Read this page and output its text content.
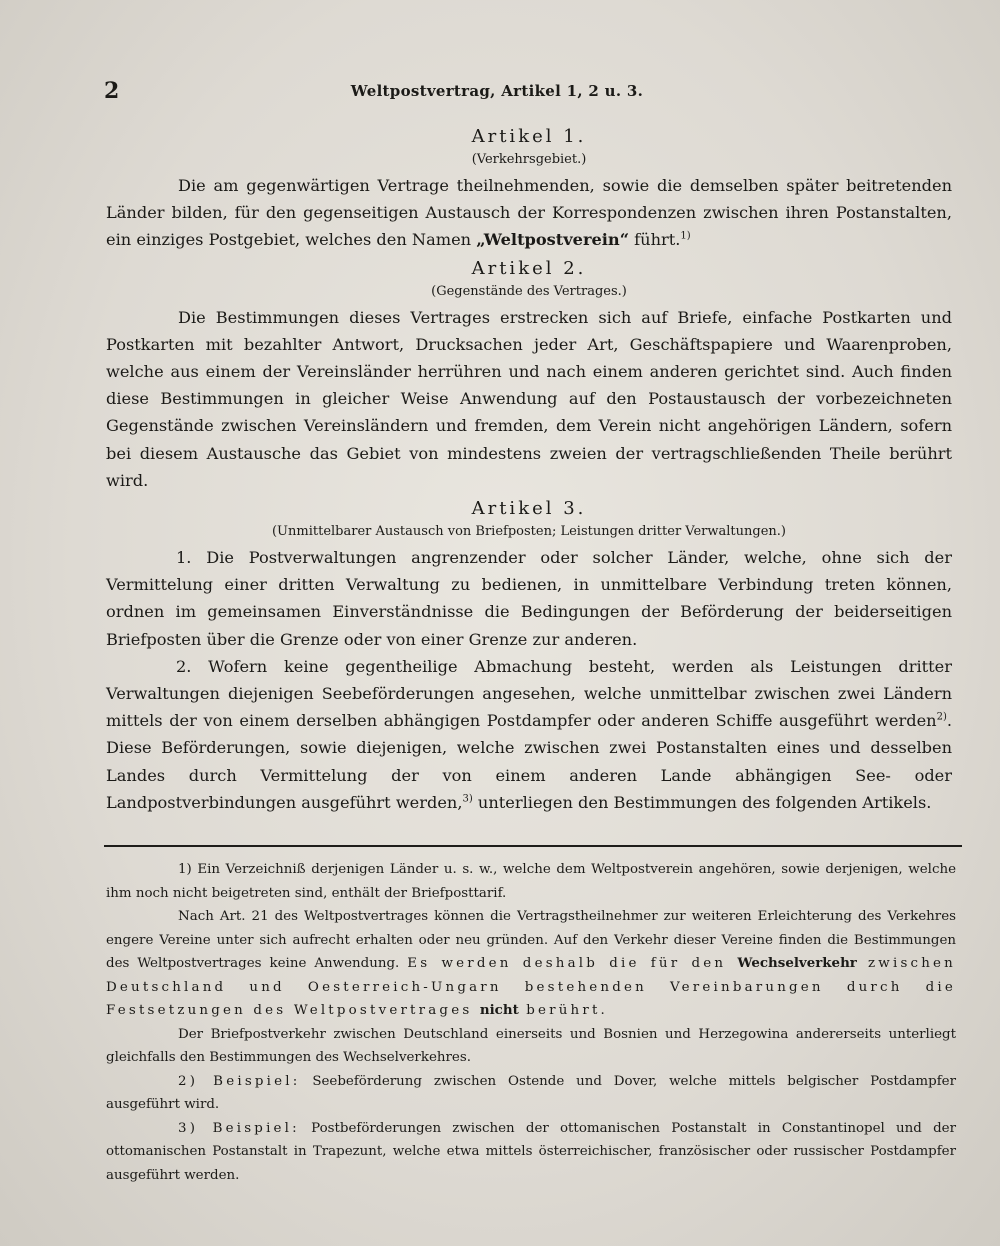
2	Weltpostvertrag, Artikel 1, 2 u. 3.

Artikel 1.

(Verkehrsgebiet.)

Die am gegenwärtigen Vertrage theilnehmenden, sowie die demselben später beitretenden Länder bilden, für den gegenseitigen Austausch der Korrespondenzen zwischen ihren Postanstalten, ein einziges Postgebiet, welches den Namen „Weltpostverein“ führt.$^{1)}$

Artikel 2.

(Gegenstände des Vertrages.)

Die Bestimmungen dieses Vertrages erstrecken sich auf Briefe, einfache Postkarten und Postkarten mit bezahlter Antwort, Drucksachen jeder Art, Geschäftspapiere und Waarenproben, welche aus einem der Vereinsländer herrühren und nach einem anderen gerichtet sind. Auch finden diese Bestimmungen in gleicher Weise Anwendung auf den Postaustausch der vorbezeichneten Gegenstände zwischen Vereinsländern und fremden, dem Verein nicht angehörigen Ländern, sofern bei diesem Austausche das Gebiet von mindestens zweien der vertragschließenden Theile berührt wird.

Artikel 3.

(Unmittelbarer Austausch von Briefposten; Leistungen dritter Verwaltungen.)

1. Die Postverwaltungen angrenzender oder solcher Länder, welche, ohne sich der Vermittelung einer dritten Verwaltung zu bedienen, in unmittelbare Verbindung treten können, ordnen im gemeinsamen Einverständnisse die Bedingungen der Beförderung der beiderseitigen Briefposten über die Grenze oder von einer Grenze zur anderen.

2. Wofern keine gegentheilige Abmachung besteht, werden als Leistungen dritter Verwaltungen diejenigen Seebeförderungen angesehen, welche unmittelbar zwischen zwei Ländern mittels der von einem derselben abhängigen Postdampfer oder anderen Schiffe ausgeführt werden$^{2)}$. Diese Beförderungen, sowie diejenigen, welche zwischen zwei Postanstalten eines und desselben Landes durch Vermittelung der von einem anderen Lande abhängigen See- oder Landpostverbindungen ausgeführt werden,$^{3)}$ unterliegen den Bestimmungen des folgenden Artikels.

1) Ein Verzeichniß derjenigen Länder u. s. w., welche dem Weltpostverein angehören, sowie derjenigen, welche ihm noch nicht beigetreten sind, enthält der Briefposttarif.

Nach Art. 21 des Weltpostvertrages können die Vertragstheilnehmer zur weiteren Erleichterung des Verkehres engere Vereine unter sich aufrecht erhalten oder neu gründen. Auf den Verkehr dieser Vereine finden die Bestimmungen des Weltpostvertrages keine Anwendung. Es werden deshalb die für den Wechselverkehr zwischen Deutschland und Oesterreich-Ungarn bestehenden Vereinbarungen durch die Festsetzungen des Weltpostvertrages nicht berührt.

Der Briefpostverkehr zwischen Deutschland einerseits und Bosnien und Herzegowina andererseits unterliegt gleichfalls den Bestimmungen des Wechselverkehres.

2) Beispiel: Seebeförderung zwischen Ostende und Dover, welche mittels belgischer Postdampfer ausgeführt wird.

3) Beispiel: Postbeförderungen zwischen der ottomanischen Postanstalt in Constantinopel und der ottomanischen Postanstalt in Trapezunt, welche etwa mittels österreichischer, französischer oder russischer Postdampfer ausgeführt werden.
